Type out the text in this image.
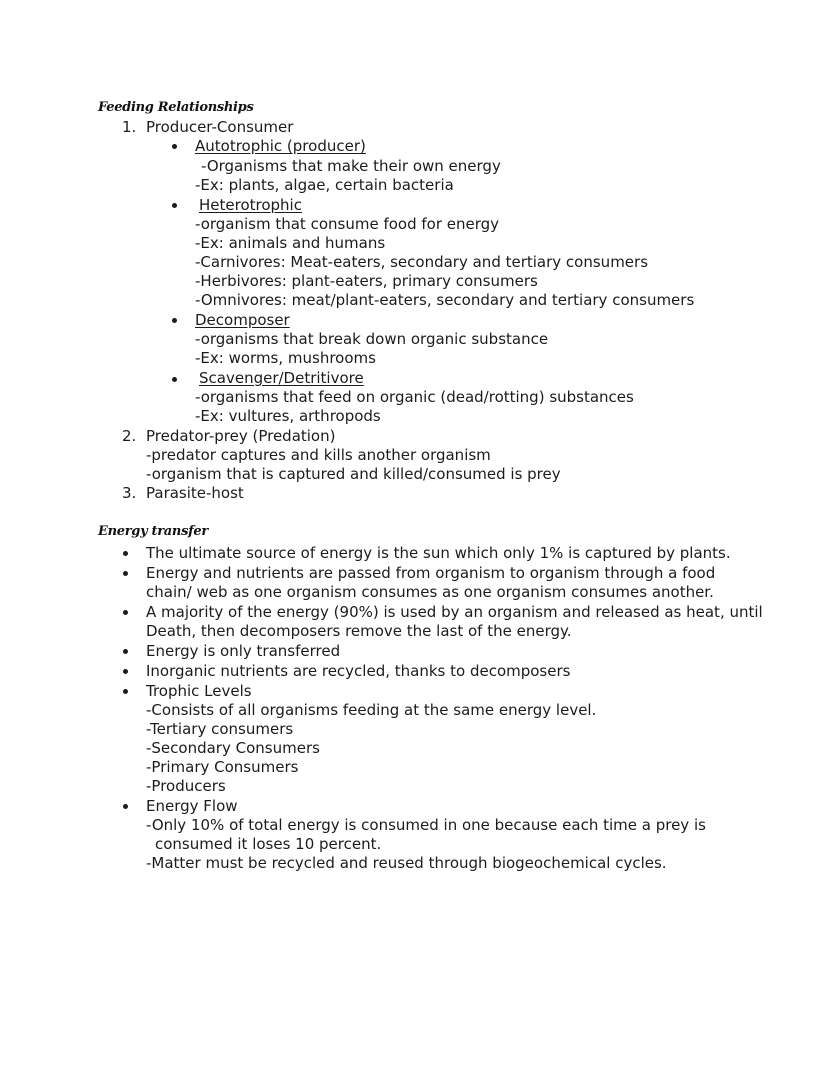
Feeding Relationships
1. Producer-Consumer
Autotrophic (producer)
-Organisms that make their own energy
-Ex: plants, algae, certain bacteria
Heterotrophic
-organism that consume food for energy
-Ex: animals and humans
-Carnivores: Meat-eaters, secondary and tertiary consumers
-Herbivores: plant-eaters, primary consumers
-Omnivores: meat/plant-eaters, secondary and tertiary consumers
Decomposer
-organisms that break down organic substance
-Ex: worms, mushrooms
Scavenger/Detritivore
-organisms that feed on organic (dead/rotting) substances
-Ex: vultures, arthropods
2. Predator-prey (Predation)
-predator captures and kills another organism
-organism that is captured and killed/consumed is prey
3. Parasite-host
Energy transfer
The ultimate source of energy is the sun which only 1% is captured by plants.
Energy and nutrients are passed from organism to organism through a food
chain/ web as one organism consumes as one organism consumes another.
A majority of the energy (90%) is used by an organism and released as heat, until
Death, then decomposers remove the last of the energy.
Energy is only transferred
Inorganic nutrients are recycled, thanks to decomposers
Trophic Levels
-Consists of all organisms feeding at the same energy level.
-Tertiary consumers
-Secondary Consumers
-Primary Consumers
-Producers
Energy Flow
-Only 10% of total energy is consumed in one because each time a prey is
consumed it loses 10 percent.
-Matter must be recycled and reused through biogeochemical cycles.
